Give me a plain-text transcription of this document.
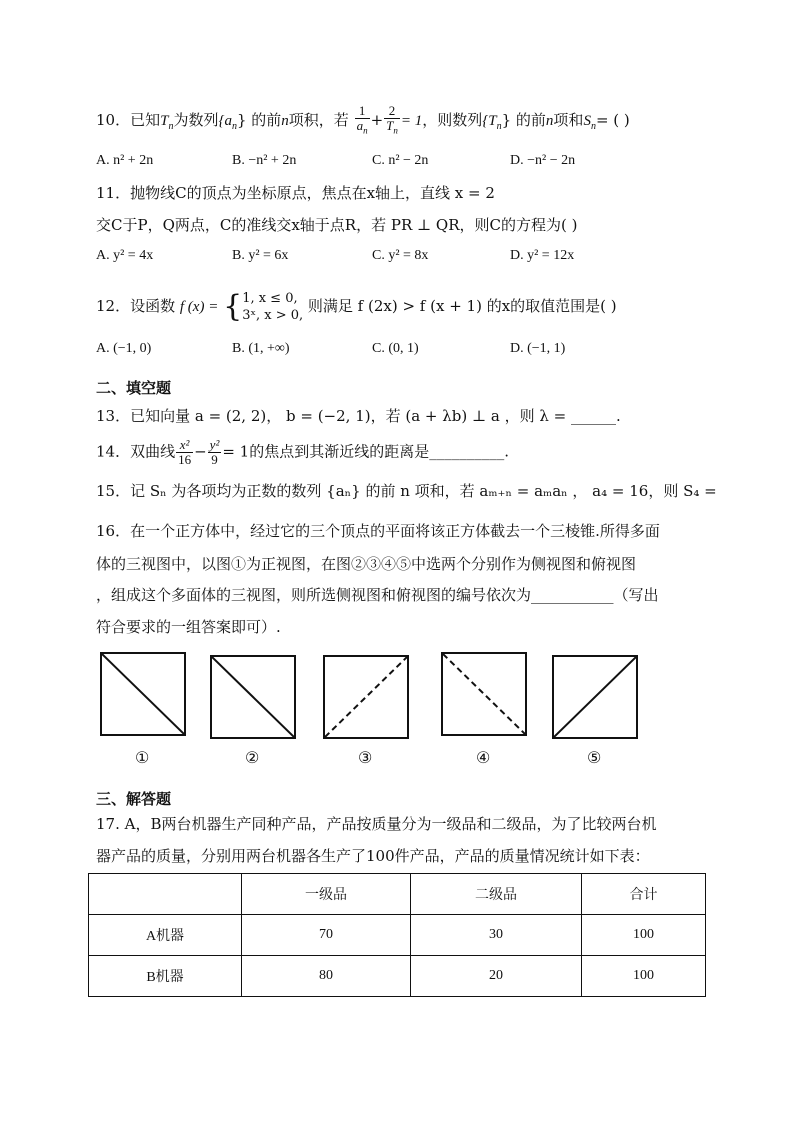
10．已知$T_n$为数列$\{a_n\}$ 的前n项积，若 $\frac{1}{a_n} + \frac{2}{T_n} = 1$，则数列$\{T_n\}$ 的前n项和$S_n=$ ( )
A. n² + 2n	B. −n² + 2n	C. n² − 2n	D. −n² − 2n
11．抛物线C的顶点为坐标原点，焦点在x轴上，直线 x = 2
交C于P，Q两点，C的准线交x轴于点R，若 PR ⊥ QR，则C的方程为( )
A. y² = 4x	B. y² = 6x	C. y² = 8x	D. y² = 12x
12．设函数 f (x) = { 1, x ≤ 0,
3ˣ, x > 0,
则满足 f (2x) > f (x + 1) 的x的取值范围是( )
A. (−1, 0)	B. (1, +∞)	C. (0, 1)	D. (−1, 1)
二、填空题
13．已知向量 a = (2, 2)， b = (−2, 1)，若 (a + λb) ⊥ a ，则 λ = ______.
14．双曲线 $\frac{\text{x²}}{16} - \frac{\text{y²}}{9} = 1$的焦点到其渐近线的距离是__________.
15．记 Sₙ 为各项均为正数的数列 {aₙ} 的前 n 项和，若 aₘ₊ₙ = aₘaₙ ， a₄ = 16，则 S₄ =
16．在一个正方体中，经过它的三个顶点的平面将该正方体截去一个三棱锥.所得多面
体的三视图中，以图①为正视图，在图②③④⑤中选两个分别作为侧视图和俯视图
，组成这个多面体的三视图，则所选侧视图和俯视图的编号依次为___________（写出
符合要求的一组答案即可）.
①	②	③	④	⑤
三、解答题
17. A，B两台机器生产同种产品，产品按质量分为一级品和二级品，为了比较两台机
器产品的质量，分别用两台机器各生产了100件产品，产品的质量情况统计如下表：
	一级品	二级品	合计
A机器	70	30	100
B机器	80	20	100
